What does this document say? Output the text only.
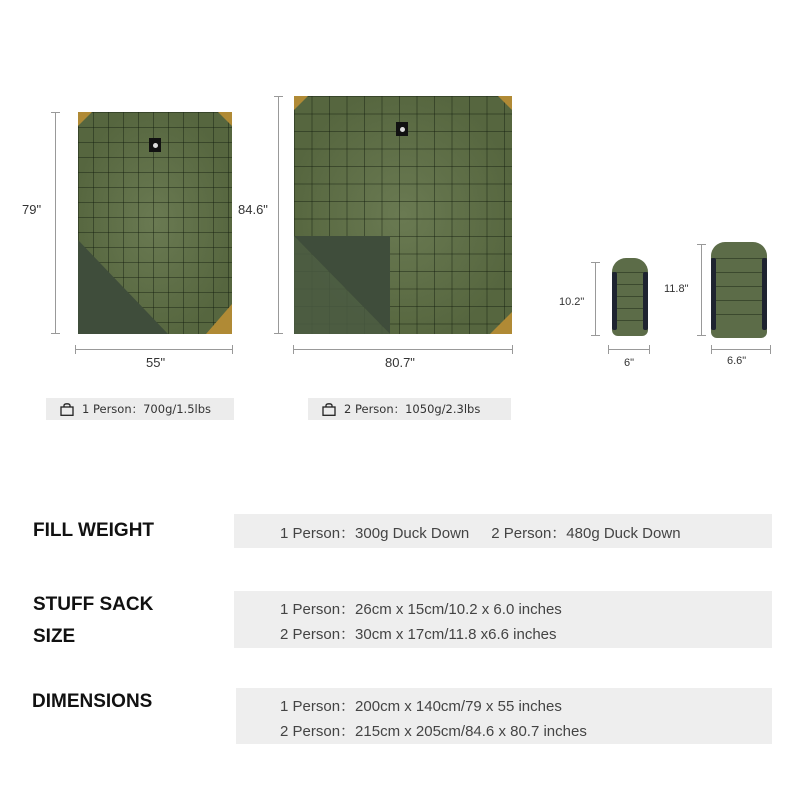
79"
55"
1 Person：700g/1.5lbs
84.6"
80.7"
2 Person：1050g/2.3lbs
10.2"
6"
11.8"
6.6"
FILL WEIGHT	1 Person：300g Duck Down 2 Person：480g Duck Down
STUFF SACK
SIZE
1 Person：26cm x 15cm/10.2 x 6.0 inches
2 Person：30cm x 17cm/11.8 x6.6 inches
DIMENSIONS	1 Person：200cm x 140cm/79 x 55 inches
2 Person：215cm x 205cm/84.6 x 80.7 inches
